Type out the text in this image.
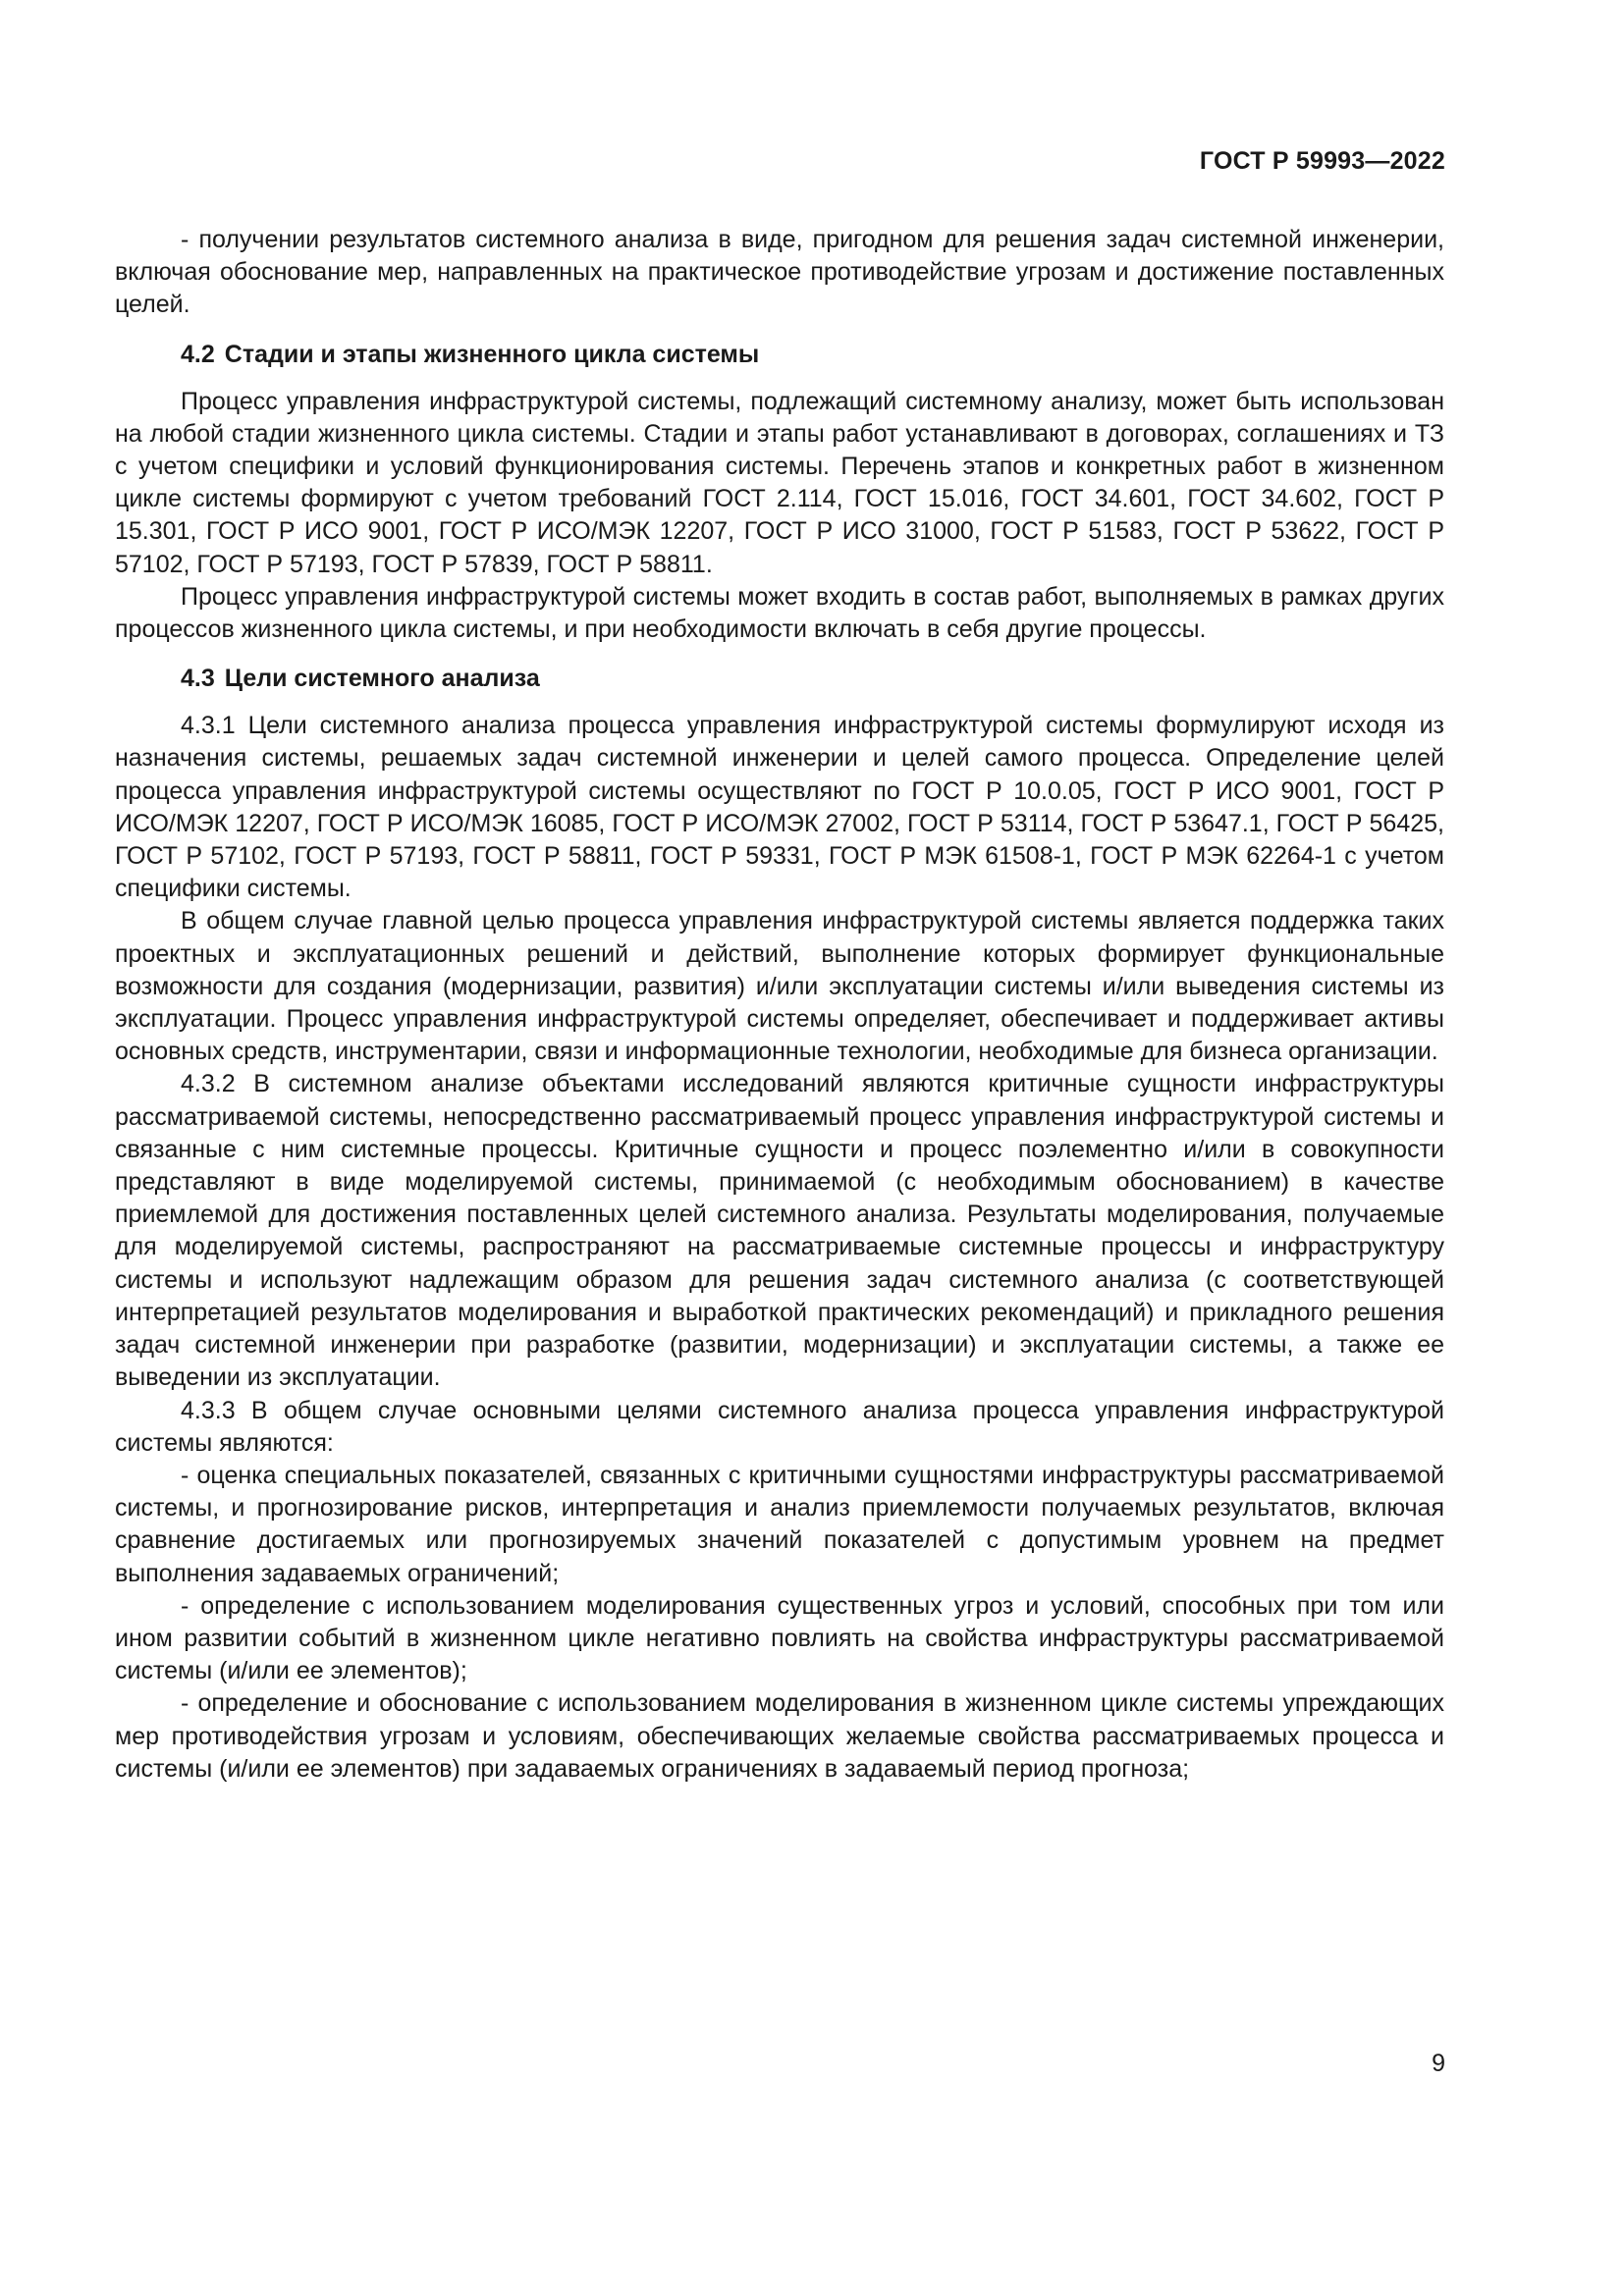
ГОСТ Р 59993—2022

- получении результатов системного анализа в виде, пригодном для решения задач системной инженерии, включая обоснование мер, направленных на практическое противодействие угрозам и достижение поставленных целей.

4.2 Стадии и этапы жизненного цикла системы

Процесс управления инфраструктурой системы, подлежащий системному анализу, может быть использован на любой стадии жизненного цикла системы. Стадии и этапы работ устанавливают в договорах, соглашениях и ТЗ с учетом специфики и условий функционирования системы. Перечень этапов и конкретных работ в жизненном цикле системы формируют с учетом требований ГОСТ 2.114, ГОСТ 15.016, ГОСТ 34.601, ГОСТ 34.602, ГОСТ Р 15.301, ГОСТ Р ИСО 9001, ГОСТ Р ИСО/МЭК 12207, ГОСТ Р ИСО 31000, ГОСТ Р 51583, ГОСТ Р 53622, ГОСТ Р 57102, ГОСТ Р 57193, ГОСТ Р 57839, ГОСТ Р 58811.

Процесс управления инфраструктурой системы может входить в состав работ, выполняемых в рамках других процессов жизненного цикла системы, и при необходимости включать в себя другие процессы.

4.3 Цели системного анализа

4.3.1 Цели системного анализа процесса управления инфраструктурой системы формулируют исходя из назначения системы, решаемых задач системной инженерии и целей самого процесса. Определение целей процесса управления инфраструктурой системы осуществляют по ГОСТ Р 10.0.05, ГОСТ Р ИСО 9001, ГОСТ Р ИСО/МЭК 12207, ГОСТ Р ИСО/МЭК 16085, ГОСТ Р ИСО/МЭК 27002, ГОСТ Р 53114, ГОСТ Р 53647.1, ГОСТ Р 56425, ГОСТ Р 57102, ГОСТ Р 57193, ГОСТ Р 58811, ГОСТ Р 59331, ГОСТ Р МЭК 61508-1, ГОСТ Р МЭК 62264-1 с учетом специфики системы.

В общем случае главной целью процесса управления инфраструктурой системы является поддержка таких проектных и эксплуатационных решений и действий, выполнение которых формирует функциональные возможности для создания (модернизации, развития) и/или эксплуатации системы и/или выведения системы из эксплуатации. Процесс управления инфраструктурой системы определяет, обеспечивает и поддерживает активы основных средств, инструментарии, связи и информационные технологии, необходимые для бизнеса организации.

4.3.2 В системном анализе объектами исследований являются критичные сущности инфраструктуры рассматриваемой системы, непосредственно рассматриваемый процесс управления инфраструктурой системы и связанные с ним системные процессы. Критичные сущности и процесс поэлементно и/или в совокупности представляют в виде моделируемой системы, принимаемой (с необходимым обоснованием) в качестве приемлемой для достижения поставленных целей системного анализа. Результаты моделирования, получаемые для моделируемой системы, распространяют на рассматриваемые системные процессы и инфраструктуру системы и используют надлежащим образом для решения задач системного анализа (с соответствующей интерпретацией результатов моделирования и выработкой практических рекомендаций) и прикладного решения задач системной инженерии при разработке (развитии, модернизации) и эксплуатации системы, а также ее выведении из эксплуатации.

4.3.3 В общем случае основными целями системного анализа процесса управления инфраструктурой системы являются:

- оценка специальных показателей, связанных с критичными сущностями инфраструктуры рассматриваемой системы, и прогнозирование рисков, интерпретация и анализ приемлемости получаемых результатов, включая сравнение достигаемых или прогнозируемых значений показателей с допустимым уровнем на предмет выполнения задаваемых ограничений;

- определение с использованием моделирования существенных угроз и условий, способных при том или ином развитии событий в жизненном цикле негативно повлиять на свойства инфраструктуры рассматриваемой системы (и/или ее элементов);

- определение и обоснование с использованием моделирования в жизненном цикле системы упреждающих мер противодействия угрозам и условиям, обеспечивающих желаемые свойства рассматриваемых процесса и системы (и/или ее элементов) при задаваемых ограничениях в задаваемый период прогноза;

9
